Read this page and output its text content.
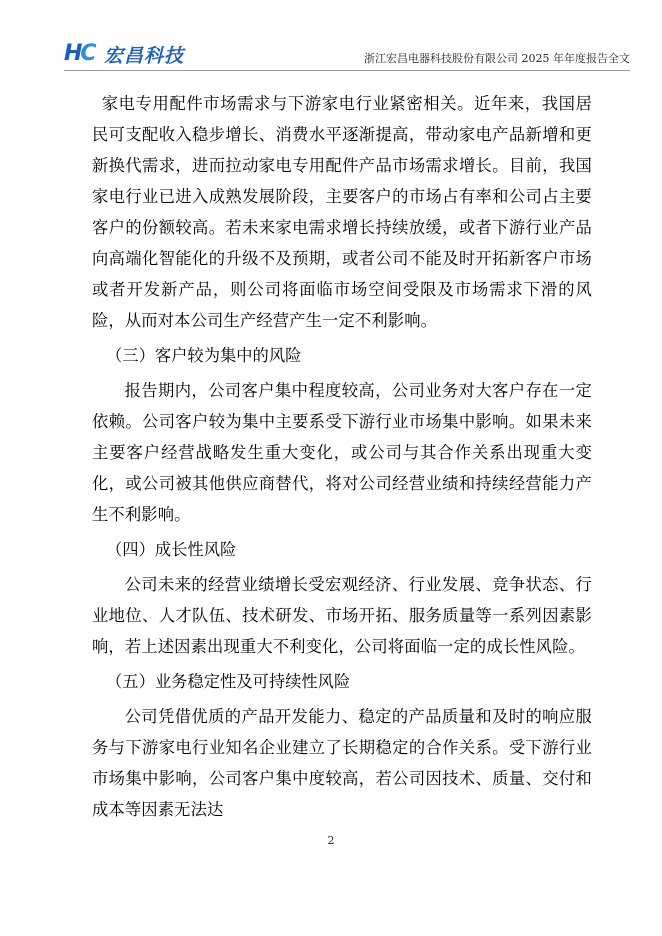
HC 宏昌科技	浙江宏昌电器科技股份有限公司 2025 年年度报告全文

家电专用配件市场需求与下游家电行业紧密相关。近年来，我国居民可支配收入稳步增长、消费水平逐渐提高，带动家电产品新增和更新换代需求，进而拉动家电专用配件产品市场需求增长。目前，我国家电行业已进入成熟发展阶段，主要客户的市场占有率和公司占主要客户的份额较高。若未来家电需求增长持续放缓，或者下游行业产品向高端化智能化的升级不及预期，或者公司不能及时开拓新客户市场或者开发新产品，则公司将面临市场空间受限及市场需求下滑的风险，从而对本公司生产经营产生一定不利影响。

（三）客户较为集中的风险

报告期内，公司客户集中程度较高，公司业务对大客户存在一定依赖。公司客户较为集中主要系受下游行业市场集中影响。如果未来主要客户经营战略发生重大变化，或公司与其合作关系出现重大变化，或公司被其他供应商替代，将对公司经营业绩和持续经营能力产生不利影响。

（四）成长性风险

公司未来的经营业绩增长受宏观经济、行业发展、竞争状态、行业地位、人才队伍、技术研发、市场开拓、服务质量等一系列因素影响，若上述因素出现重大不利变化，公司将面临一定的成长性风险。

（五）业务稳定性及可持续性风险

公司凭借优质的产品开发能力、稳定的产品质量和及时的响应服务与下游家电行业知名企业建立了长期稳定的合作关系。受下游行业市场集中影响，公司客户集中度较高，若公司因技术、质量、交付和成本等因素无法达

2
